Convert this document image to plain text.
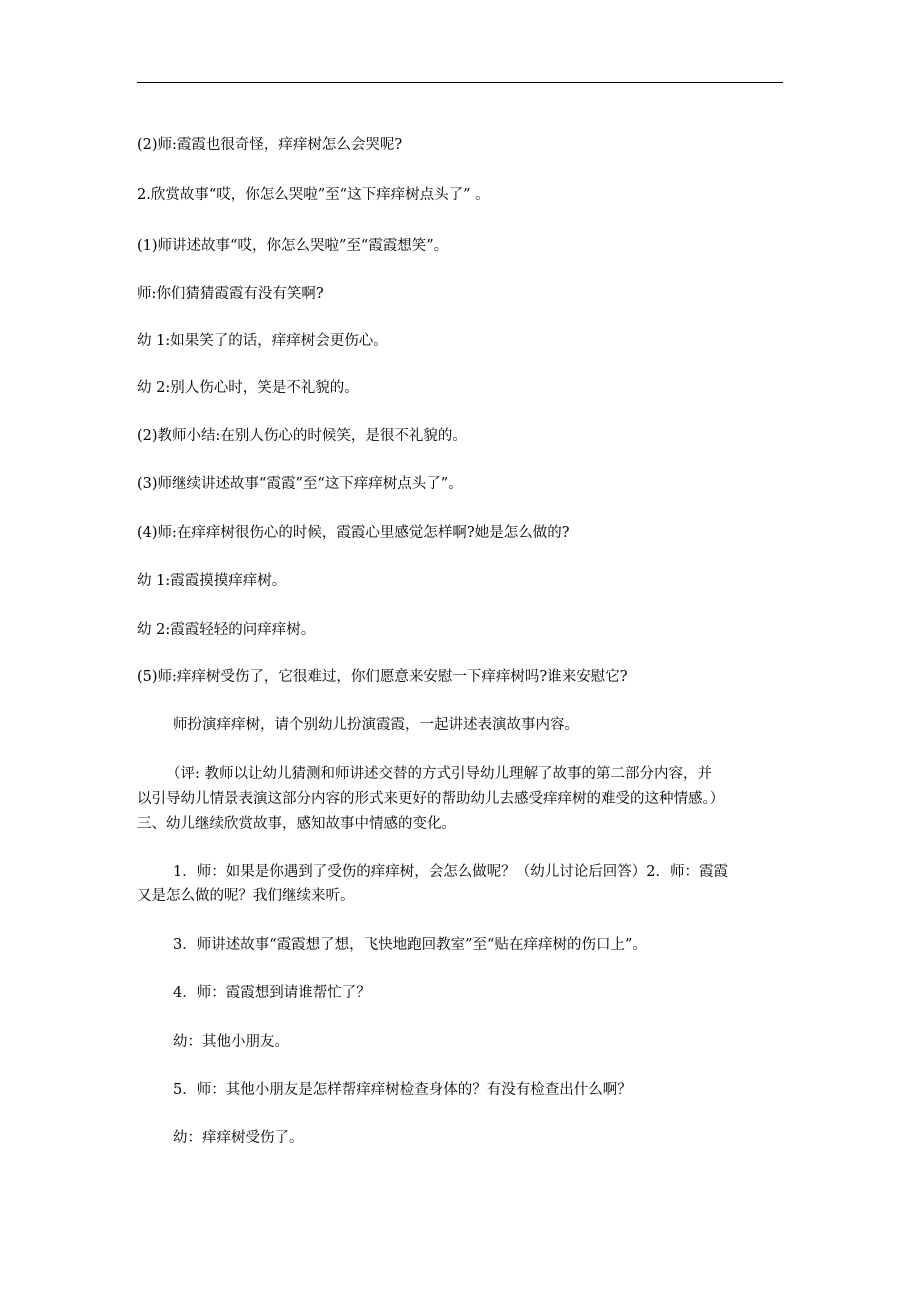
(2)师:霞霞也很奇怪，痒痒树怎么会哭呢?
2.欣赏故事“哎，你怎么哭啦”至“这下痒痒树点头了” 。
(1)师讲述故事“哎，你怎么哭啦”至“霞霞想笑”。
师:你们猜猜霞霞有没有笑啊?
幼 1:如果笑了的话，痒痒树会更伤心。
幼 2:别人伤心时，笑是不礼貌的。
(2)教师小结:在别人伤心的时候笑，是很不礼貌的。
(3)师继续讲述故事“霞霞”至“这下痒痒树点头了”。
(4)师:在痒痒树很伤心的时候，霞霞心里感觉怎样啊?她是怎么做的?
幼 1:霞霞摸摸痒痒树。
幼 2:霞霞轻轻的问痒痒树。
(5)师:痒痒树受伤了，它很难过，你们愿意来安慰一下痒痒树吗?谁来安慰它?
师扮演痒痒树，请个别幼儿扮演霞霞，一起讲述表演故事内容。
（评: 教师以让幼儿猜测和师讲述交替的方式引导幼儿理解了故事的第二部分内容，并
以引导幼儿情景表演这部分内容的形式来更好的帮助幼儿去感受痒痒树的难受的这种情感。）
三、幼儿继续欣赏故事，感知故事中情感的变化。
1．师：如果是你遇到了受伤的痒痒树，会怎么做呢？（幼儿讨论后回答）2．师：霞霞
又是怎么做的呢？我们继续来听。
3．师讲述故事“霞霞想了想，飞快地跑回教室”至“贴在痒痒树的伤口上”。
4．师：霞霞想到请谁帮忙了？
幼：其他小朋友。
5．师：其他小朋友是怎样帮痒痒树检查身体的？有没有检查出什么啊？
幼：痒痒树受伤了。
